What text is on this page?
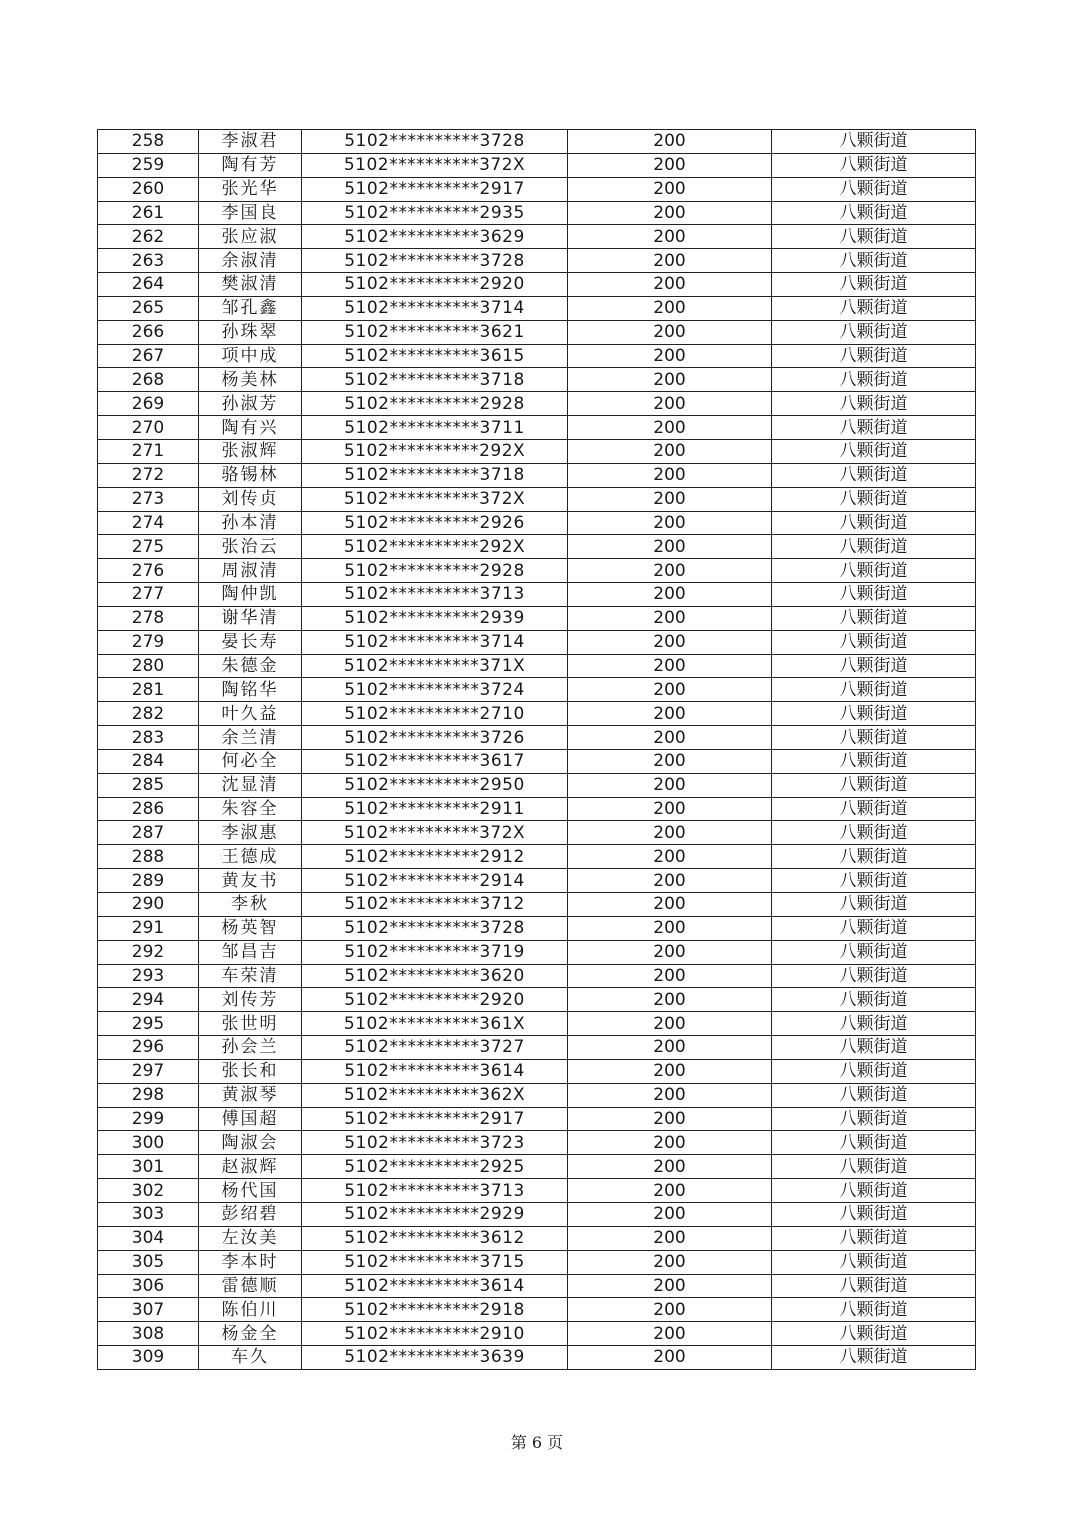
258	李淑君	5102**********3728	200	八颗街道
259	陶有芳	5102**********372X	200	八颗街道
260	张光华	5102**********2917	200	八颗街道
261	李国良	5102**********2935	200	八颗街道
262	张应淑	5102**********3629	200	八颗街道
263	余淑清	5102**********3728	200	八颗街道
264	樊淑清	5102**********2920	200	八颗街道
265	邹孔鑫	5102**********3714	200	八颗街道
266	孙珠翠	5102**********3621	200	八颗街道
267	项中成	5102**********3615	200	八颗街道
268	杨美林	5102**********3718	200	八颗街道
269	孙淑芳	5102**********2928	200	八颗街道
270	陶有兴	5102**********3711	200	八颗街道
271	张淑辉	5102**********292X	200	八颗街道
272	骆锡林	5102**********3718	200	八颗街道
273	刘传贞	5102**********372X	200	八颗街道
274	孙本清	5102**********2926	200	八颗街道
275	张治云	5102**********292X	200	八颗街道
276	周淑清	5102**********2928	200	八颗街道
277	陶仲凯	5102**********3713	200	八颗街道
278	谢华清	5102**********2939	200	八颗街道
279	晏长寿	5102**********3714	200	八颗街道
280	朱德金	5102**********371X	200	八颗街道
281	陶铭华	5102**********3724	200	八颗街道
282	叶久益	5102**********2710	200	八颗街道
283	余兰清	5102**********3726	200	八颗街道
284	何必全	5102**********3617	200	八颗街道
285	沈显清	5102**********2950	200	八颗街道
286	朱容全	5102**********2911	200	八颗街道
287	李淑惠	5102**********372X	200	八颗街道
288	王德成	5102**********2912	200	八颗街道
289	黄友书	5102**********2914	200	八颗街道
290	李秋	5102**********3712	200	八颗街道
291	杨英智	5102**********3728	200	八颗街道
292	邹昌吉	5102**********3719	200	八颗街道
293	车荣清	5102**********3620	200	八颗街道
294	刘传芳	5102**********2920	200	八颗街道
295	张世明	5102**********361X	200	八颗街道
296	孙会兰	5102**********3727	200	八颗街道
297	张长和	5102**********3614	200	八颗街道
298	黄淑琴	5102**********362X	200	八颗街道
299	傅国超	5102**********2917	200	八颗街道
300	陶淑会	5102**********3723	200	八颗街道
301	赵淑辉	5102**********2925	200	八颗街道
302	杨代国	5102**********3713	200	八颗街道
303	彭绍碧	5102**********2929	200	八颗街道
304	左汝美	5102**********3612	200	八颗街道
305	李本时	5102**********3715	200	八颗街道
306	雷德顺	5102**********3614	200	八颗街道
307	陈伯川	5102**********2918	200	八颗街道
308	杨金全	5102**********2910	200	八颗街道
309	车久	5102**********3639	200	八颗街道
第 6 页
